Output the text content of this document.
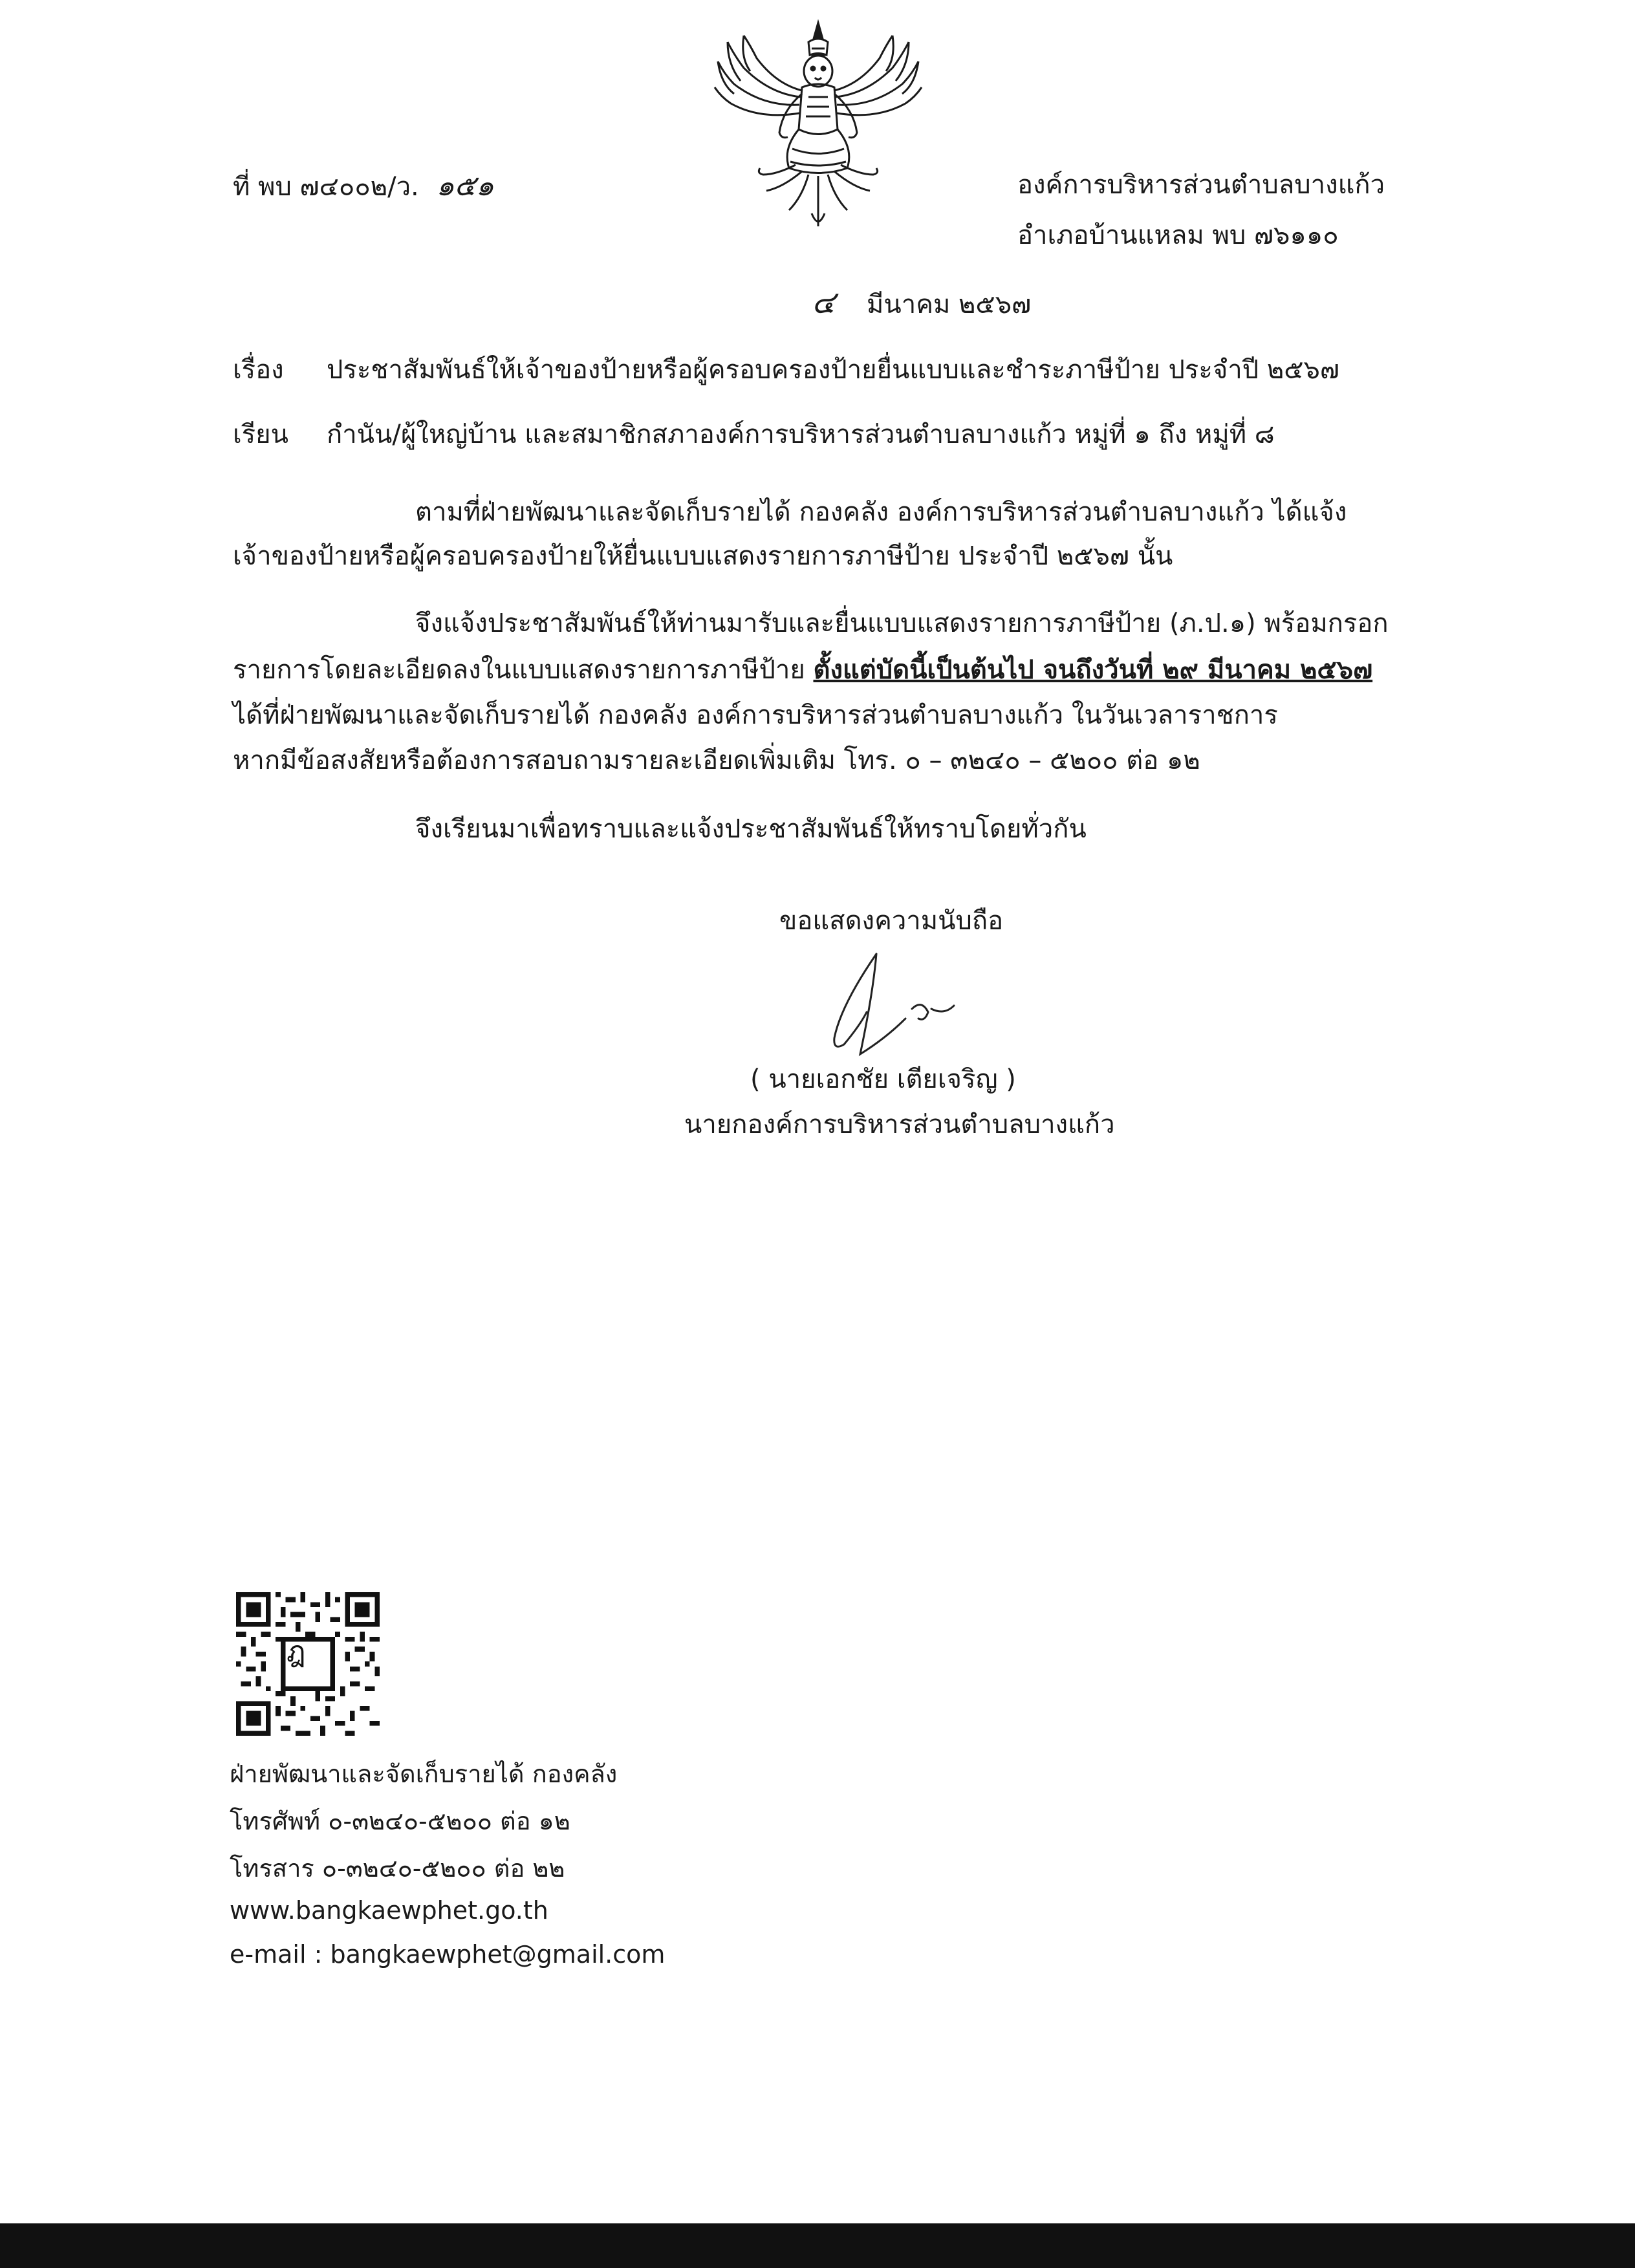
ที่ พบ ๗๔๐๐๒/ว. ๑๕๑	องค์การบริหารส่วนตำบลบางแก้ว
อำเภอบ้านแหลม พบ ๗๖๑๑๐
๔ มีนาคม ๒๕๖๗
เรื่อง ประชาสัมพันธ์ให้เจ้าของป้ายหรือผู้ครอบครองป้ายยื่นแบบและชำระภาษีป้าย ประจำปี ๒๕๖๗
เรียน กำนัน/ผู้ใหญ่บ้าน และสมาชิกสภาองค์การบริหารส่วนตำบลบางแก้ว หมู่ที่ ๑ ถึง หมู่ที่ ๘
ตามที่ฝ่ายพัฒนาและจัดเก็บรายได้ กองคลัง องค์การบริหารส่วนตำบลบางแก้ว ได้แจ้ง
เจ้าของป้ายหรือผู้ครอบครองป้ายให้ยื่นแบบแสดงรายการภาษีป้าย ประจำปี ๒๕๖๗ นั้น
จึงแจ้งประชาสัมพันธ์ให้ท่านมารับและยื่นแบบแสดงรายการภาษีป้าย (ภ.ป.๑) พร้อมกรอก
รายการโดยละเอียดลงในแบบแสดงรายการภาษีป้าย ตั้งแต่บัดนี้เป็นต้นไป จนถึงวันที่ ๒๙ มีนาคม ๒๕๖๗
ได้ที่ฝ่ายพัฒนาและจัดเก็บรายได้ กองคลัง องค์การบริหารส่วนตำบลบางแก้ว ในวันเวลาราชการ
หากมีข้อสงสัยหรือต้องการสอบถามรายละเอียดเพิ่มเติม โทร. ๐ – ๓๒๔๐ – ๕๒๐๐ ต่อ ๑๒
จึงเรียนมาเพื่อทราบและแจ้งประชาสัมพันธ์ให้ทราบโดยทั่วกัน
ขอแสดงความนับถือ
( นายเอกชัย เตียเจริญ )
นายกองค์การบริหารส่วนตำบลบางแก้ว
ฎ
ฝ่ายพัฒนาและจัดเก็บรายได้ กองคลัง
โทรศัพท์ ๐-๓๒๔๐-๕๒๐๐ ต่อ ๑๒
โทรสาร ๐-๓๒๔๐-๕๒๐๐ ต่อ ๒๒
www.bangkaewphet.go.th
e-mail : bangkaewphet@gmail.com
